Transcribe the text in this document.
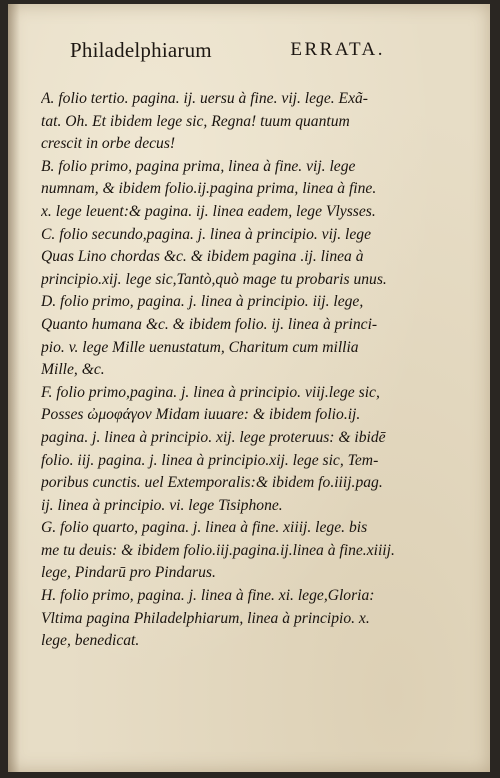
Philadelphiarum	ERRATA.
A. folio tertio. pagina. ij. uersu à fine. vij. lege. Exã-
tat. Oh. Et ibidem lege sic, Regna! tuum quantum
crescit in orbe decus!
B. folio primo, pagina prima, linea à fine. vij. lege
numnam, & ibidem folio.ij.pagina prima, linea à fine.
x. lege leuent:& pagina. ij. linea eadem, lege Vlysses.
C. folio secundo,pagina. j. linea à principio. vij. lege
Quas Lino chordas &c. & ibidem pagina .ij. linea à
principio.xij. lege sic,Tantò,quò mage tu probaris unus.
D. folio primo, pagina. j. linea à principio. iij. lege,
Quanto humana &c. & ibidem folio. ij. linea à princi-
pio. v. lege Mille uenustatum, Charitum cum millia
Mille, &c.
F. folio primo,pagina. j. linea à principio. viij.lege sic,
Posses ὠμοφάγον Midam iuuare: & ibidem folio.ij.
pagina. j. linea à principio. xij. lege proteruus: & ibidē
folio. iij. pagina. j. linea à principio.xij. lege sic, Tem-
poribus cunctis. uel Extemporalis:& ibidem fo.iiij.pag.
ij. linea à principio. vi. lege Tisiphone.
G. folio quarto, pagina. j. linea à fine. xiiij. lege. bis
me tu deuis: & ibidem folio.iij.pagina.ij.linea à fine.xiiij.
lege, Pindarū pro Pindarus.
H. folio primo, pagina. j. linea à fine. xi. lege,Gloria:
Vltima pagina Philadelphiarum, linea à principio. x.
lege, benedicat.
